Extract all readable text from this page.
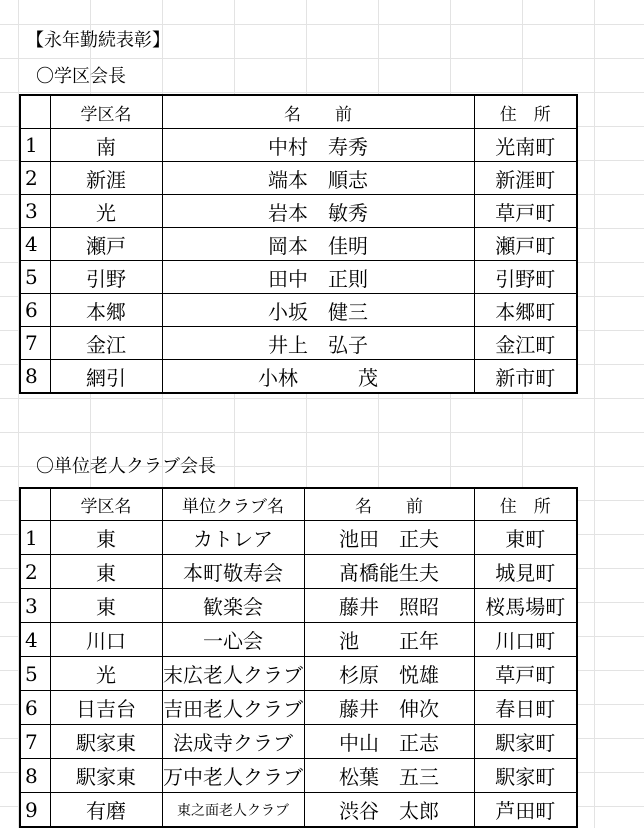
【永年勤続表彰】
〇学区会長
	学区名	名　　前	住　所
1	南	中村　寿秀	光南町
2	新涯	端本　順志	新涯町
3	光	岩本　敏秀	草戸町
4	瀬戸	岡本　佳明	瀬戸町
5	引野	田中　正則	引野町
6	本郷	小坂　健三	本郷町
7	金江	井上　弘子	金江町
8	網引	小林　　　茂	新市町
〇単位老人クラブ会長
	学区名	単位クラブ名	名　　前	住　所
1	東	カトレア	池田　正夫	東町
2	東	本町敬寿会	髙橋能生夫	城見町
3	東	歓楽会	藤井　照昭	桜馬場町
4	川口	一心会	池　　正年	川口町
5	光	末広老人クラブ	杉原　悦雄	草戸町
6	日吉台	吉田老人クラブ	藤井　伸次	春日町
7	駅家東	法成寺クラブ	中山　正志	駅家町
8	駅家東	万中老人クラブ	松葉　五三	駅家町
9	有磨	東之面老人クラブ	渋谷　太郎	芦田町
